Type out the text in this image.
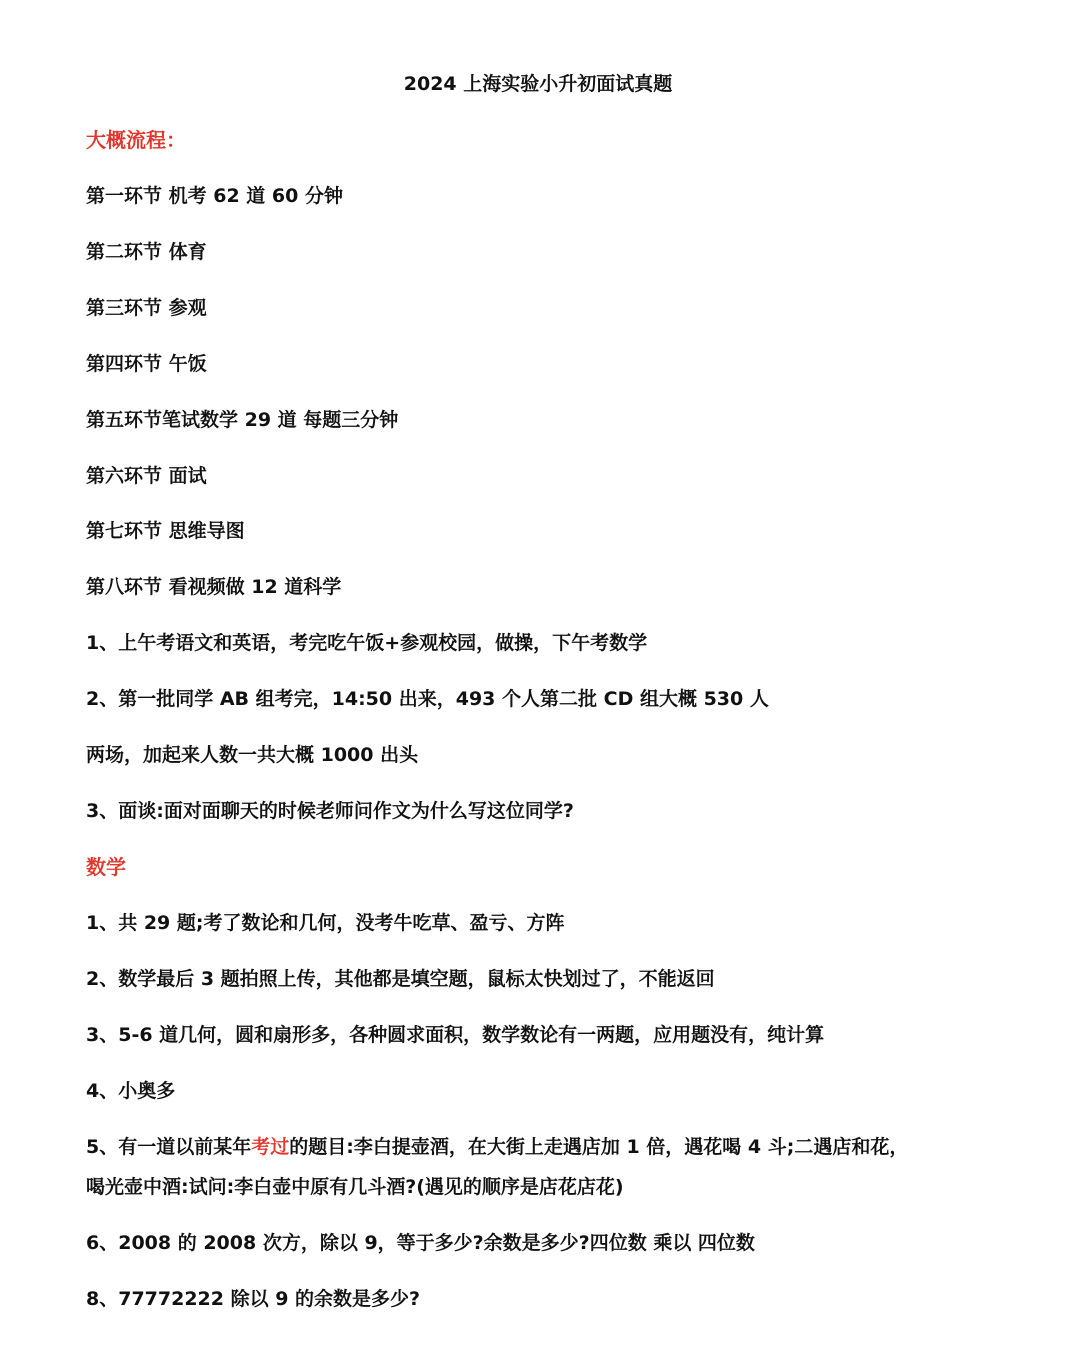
2024 上海实验小升初面试真题

大概流程：

第一环节 机考 62 道 60 分钟

第二环节 体育

第三环节 参观

第四环节 午饭

第五环节笔试数学 29 道 每题三分钟

第六环节 面试

第七环节 思维导图

第八环节 看视频做 12 道科学

1、上午考语文和英语，考完吃午饭+参观校园，做操，下午考数学

2、第一批同学 AB 组考完，14:50 出来，493 个人第二批 CD 组大概 530 人

两场，加起来人数一共大概 1000 出头

3、面谈:面对面聊天的时候老师问作文为什么写这位同学?

数学

1、共 29 题;考了数论和几何，没考牛吃草、盈亏、方阵

2、数学最后 3 题拍照上传，其他都是填空题，鼠标太快划过了，不能返回

3、5-6 道几何，圆和扇形多，各种圆求面积，数学数论有一两题，应用题没有，纯计算

4、小奥多

5、有一道以前某年考过的题目:李白提壶酒，在大街上走遇店加 1 倍，遇花喝 4 斗;二遇店和花，

喝光壶中酒:试问:李白壶中原有几斗酒?(遇见的顺序是店花店花)

6、2008 的 2008 次方，除以 9，等于多少?余数是多少?四位数 乘以 四位数

8、77772222 除以 9 的余数是多少?
